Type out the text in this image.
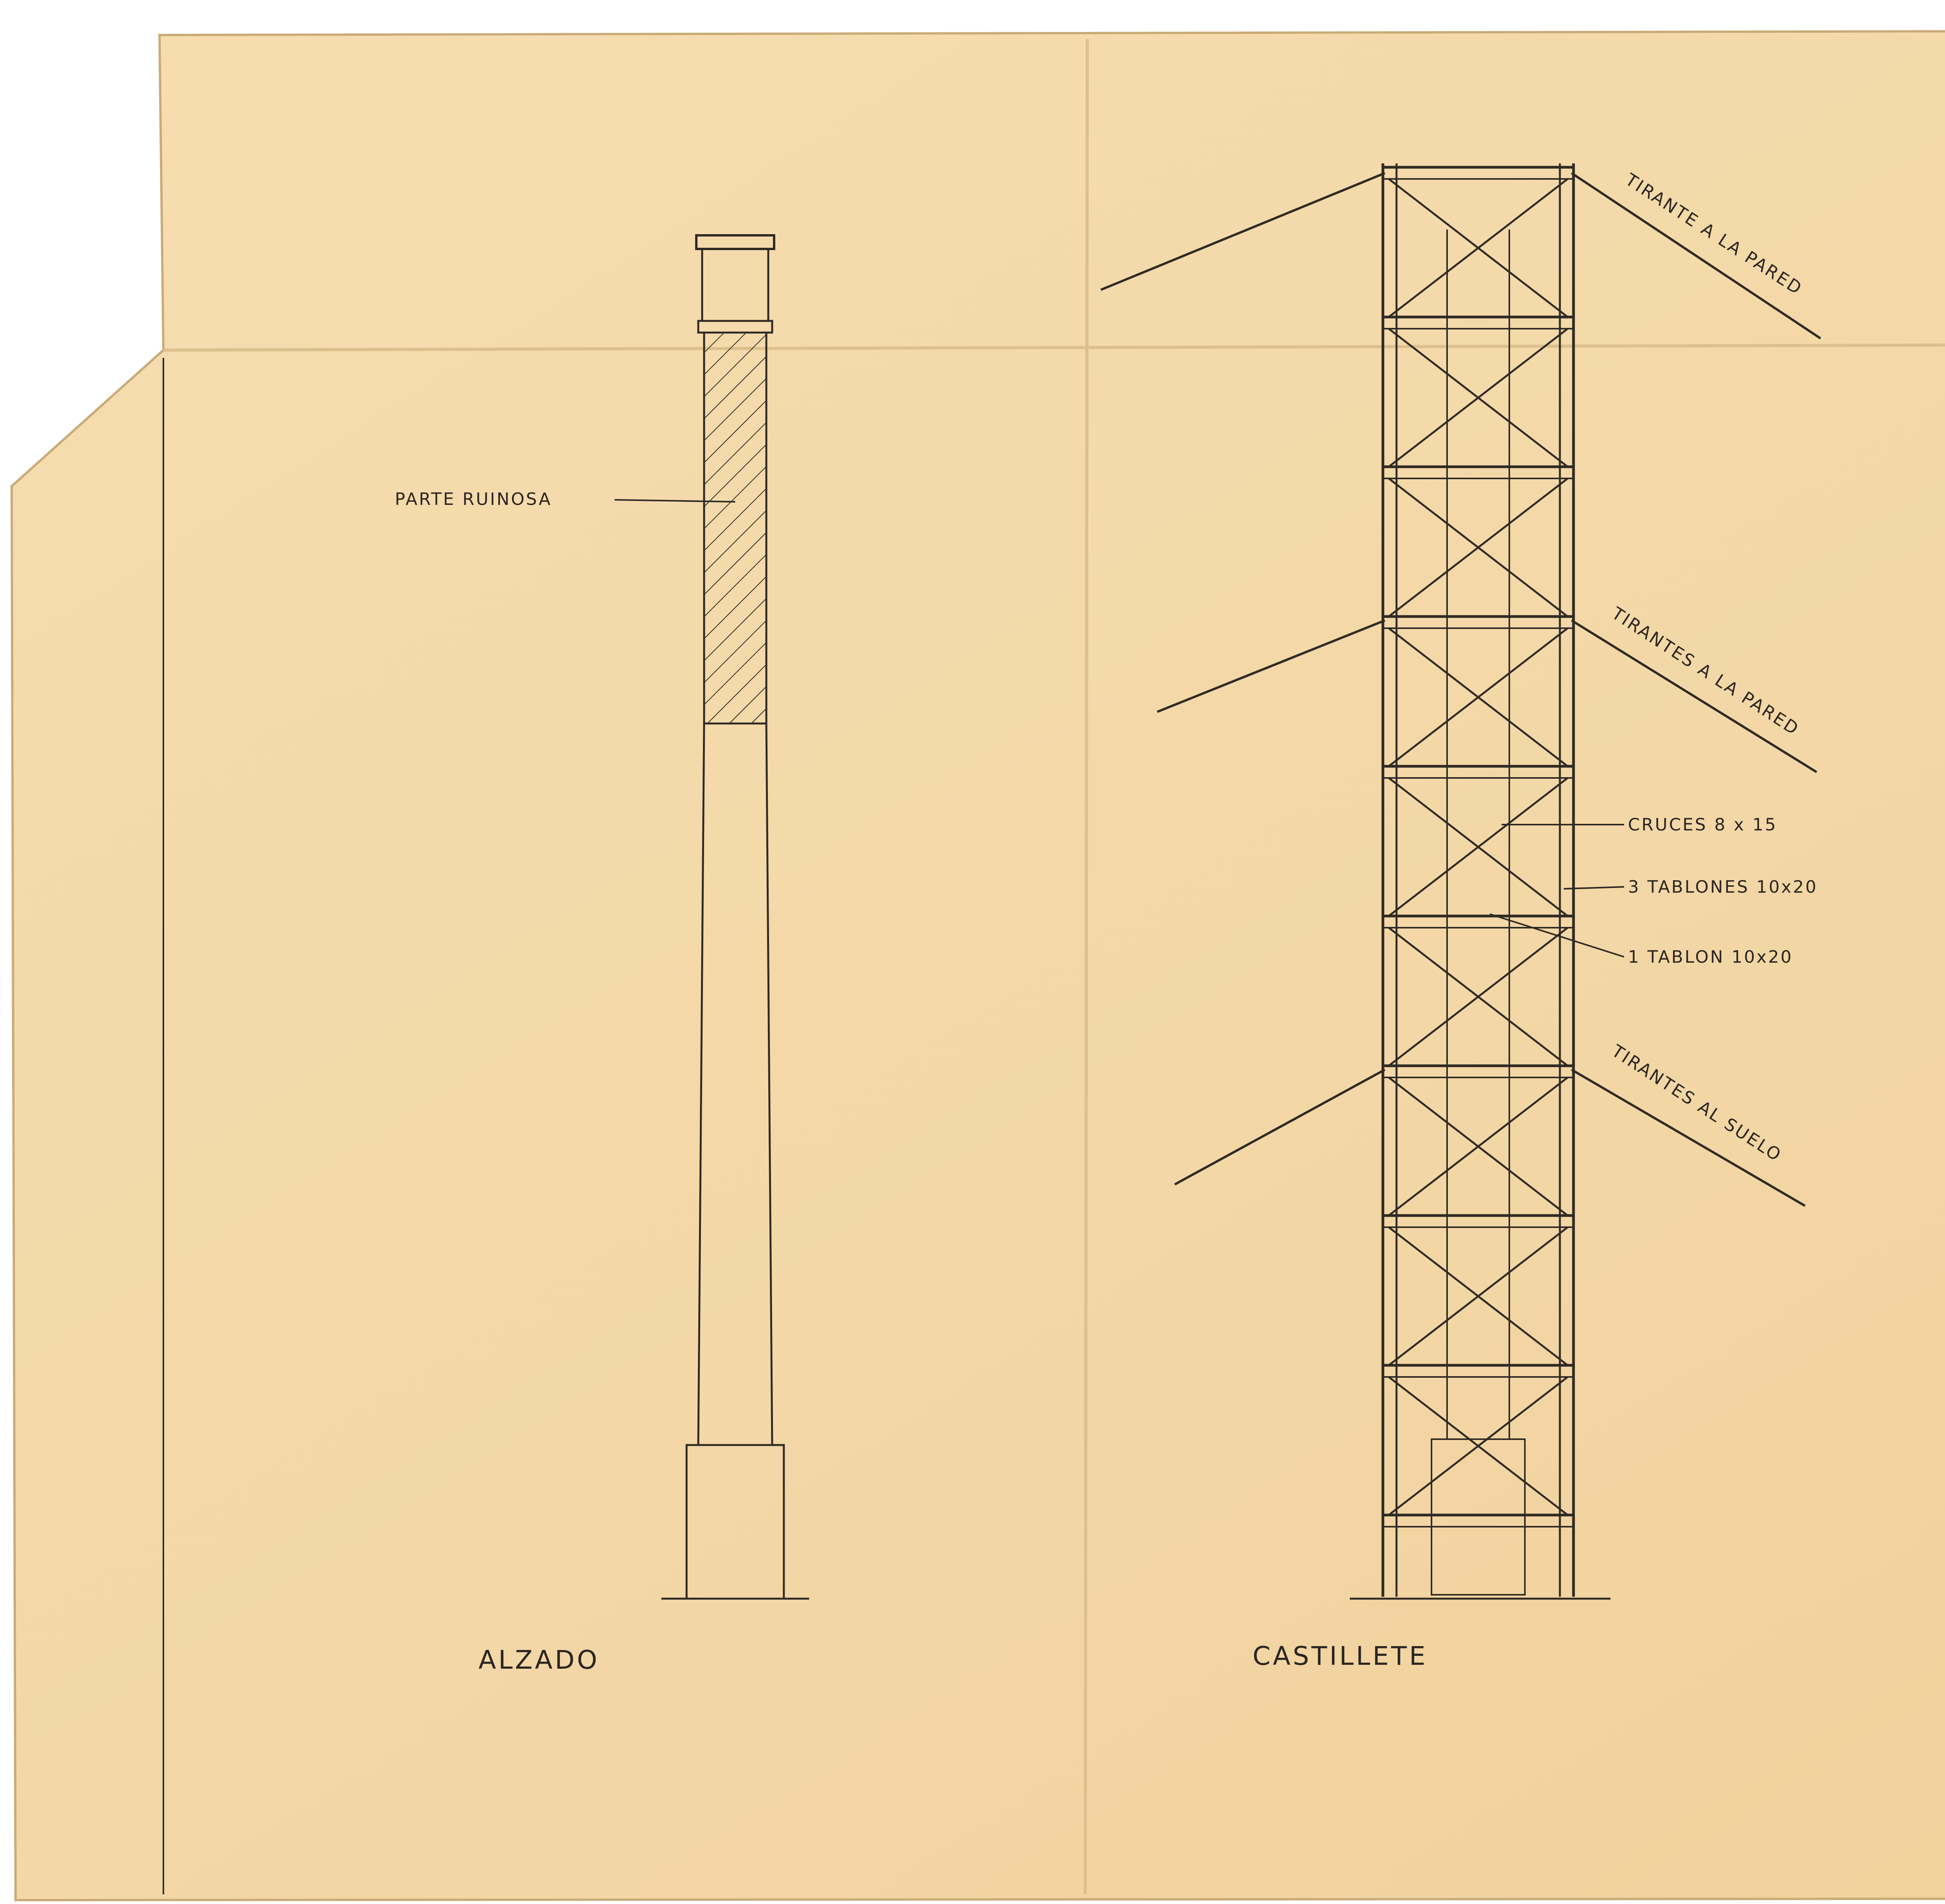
PARTE RUINOSA
ALZADO
TIRANTE A LA PARED
TIRANTES A LA PARED
TIRANTES AL SUELO
CRUCES 8 x 15
3 TABLONES 10x20
1 TABLON 10x20
CASTILLETE
